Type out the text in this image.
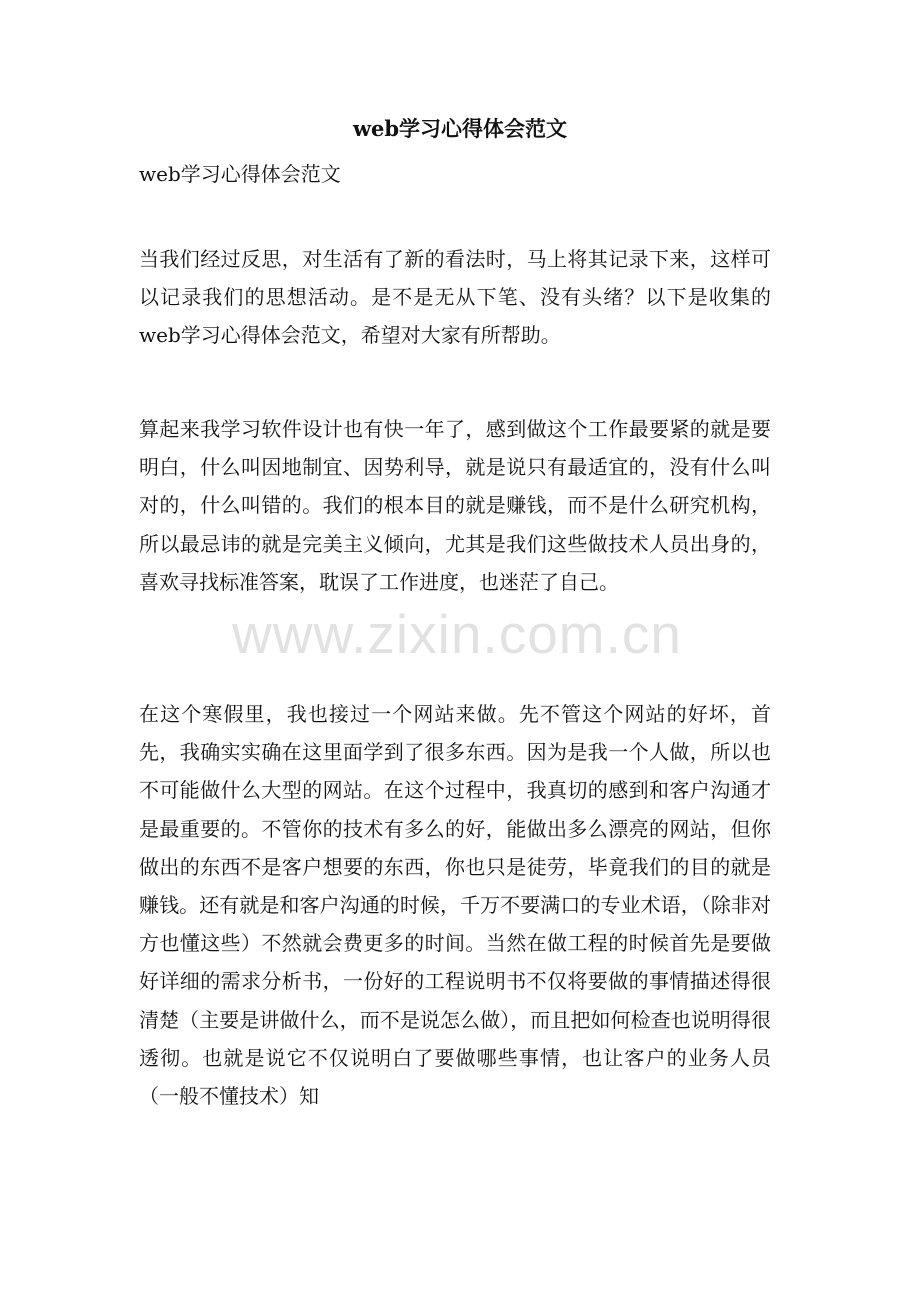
web学习心得体会范文

web学习心得体会范文

当我们经过反思，对生活有了新的看法时，马上将其记录下来，这样可以记录我们的思想活动。是不是无从下笔、没有头绪？以下是收集的web学习心得体会范文，希望对大家有所帮助。

算起来我学习软件设计也有快一年了，感到做这个工作最要紧的就是要明白，什么叫因地制宜、因势利导，就是说只有最适宜的，没有什么叫对的，什么叫错的。我们的根本目的就是赚钱，而不是什么研究机构，所以最忌讳的就是完美主义倾向，尤其是我们这些做技术人员出身的，喜欢寻找标准答案，耽误了工作进度，也迷茫了自己。

在这个寒假里，我也接过一个网站来做。先不管这个网站的好坏，首先，我确实实确在这里面学到了很多东西。因为是我一个人做，所以也不可能做什么大型的网站。在这个过程中，我真切的感到和客户沟通才是最重要的。不管你的技术有多么的好，能做出多么漂亮的网站，但你做出的东西不是客户想要的东西，你也只是徒劳，毕竟我们的目的就是赚钱。还有就是和客户沟通的时候，千万不要满口的专业术语，（除非对方也懂这些）不然就会费更多的时间。当然在做工程的时候首先是要做好详细的需求分析书，一份好的工程说明书不仅将要做的事情描述得很清楚（主要是讲做什么，而不是说怎么做），而且把如何检查也说明得很透彻。也就是说它不仅说明白了要做哪些事情，也让客户的业务人员（一般不懂技术）知

www.zixin.com.cn
